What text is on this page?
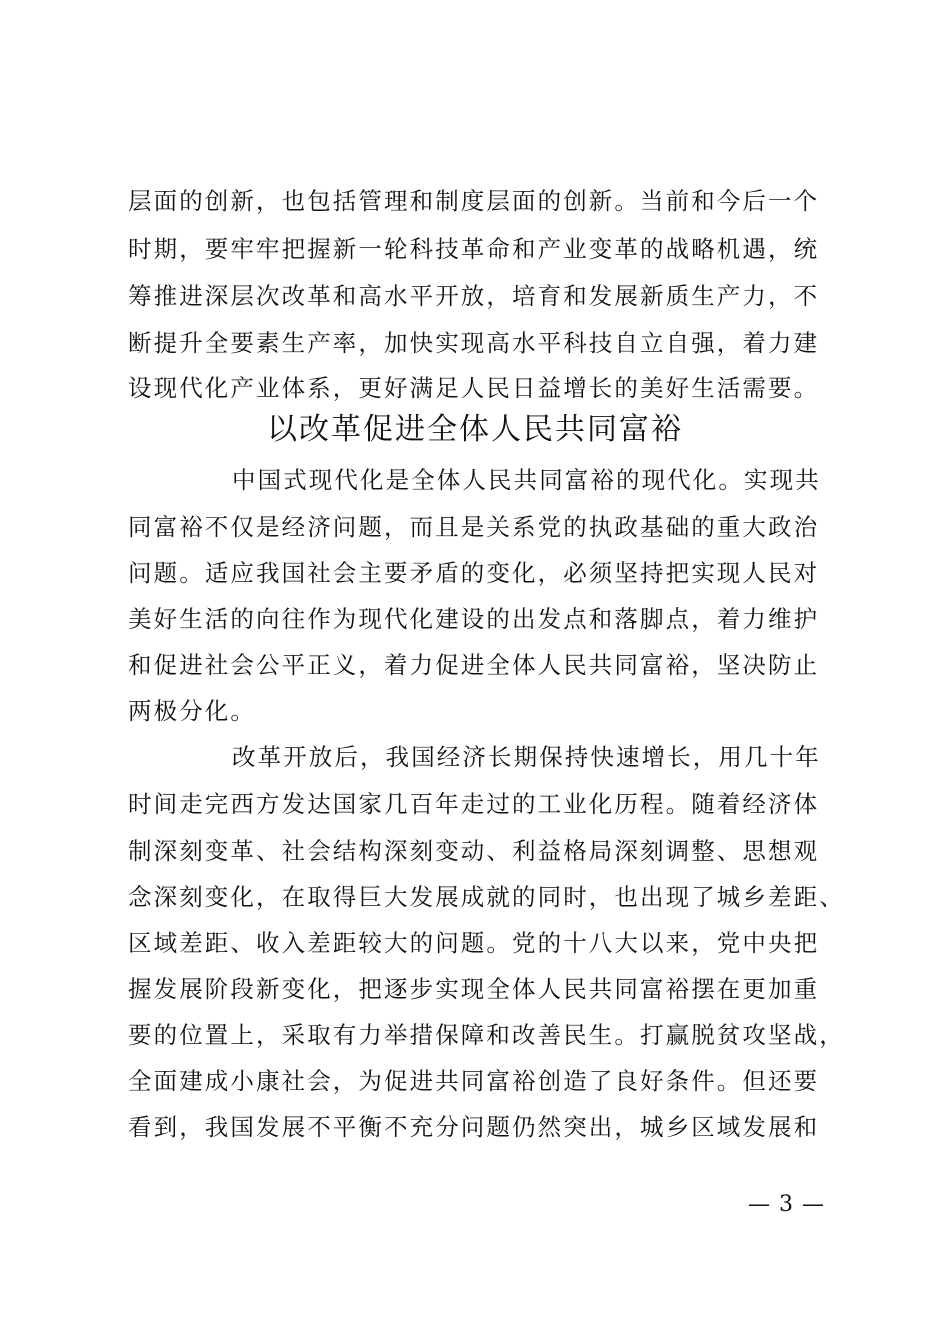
层面的创新，也包括管理和制度层面的创新。当前和今后一个
时期，要牢牢把握新一轮科技革命和产业变革的战略机遇，统
筹推进深层次改革和高水平开放，培育和发展新质生产力，不
断提升全要素生产率，加快实现高水平科技自立自强，着力建
设现代化产业体系，更好满足人民日益增长的美好生活需要。
以改革促进全体人民共同富裕
中国式现代化是全体人民共同富裕的现代化。实现共
同富裕不仅是经济问题，而且是关系党的执政基础的重大政治
问题。适应我国社会主要矛盾的变化，必须坚持把实现人民对
美好生活的向往作为现代化建设的出发点和落脚点，着力维护
和促进社会公平正义，着力促进全体人民共同富裕，坚决防止
两极分化。
改革开放后，我国经济长期保持快速增长，用几十年
时间走完西方发达国家几百年走过的工业化历程。随着经济体
制深刻变革、社会结构深刻变动、利益格局深刻调整、思想观
念深刻变化，在取得巨大发展成就的同时，也出现了城乡差距、
区域差距、收入差距较大的问题。党的十八大以来，党中央把
握发展阶段新变化，把逐步实现全体人民共同富裕摆在更加重
要的位置上，采取有力举措保障和改善民生。打赢脱贫攻坚战，
全面建成小康社会，为促进共同富裕创造了良好条件。但还要
看到，我国发展不平衡不充分问题仍然突出，城乡区域发展和
— 3 —
